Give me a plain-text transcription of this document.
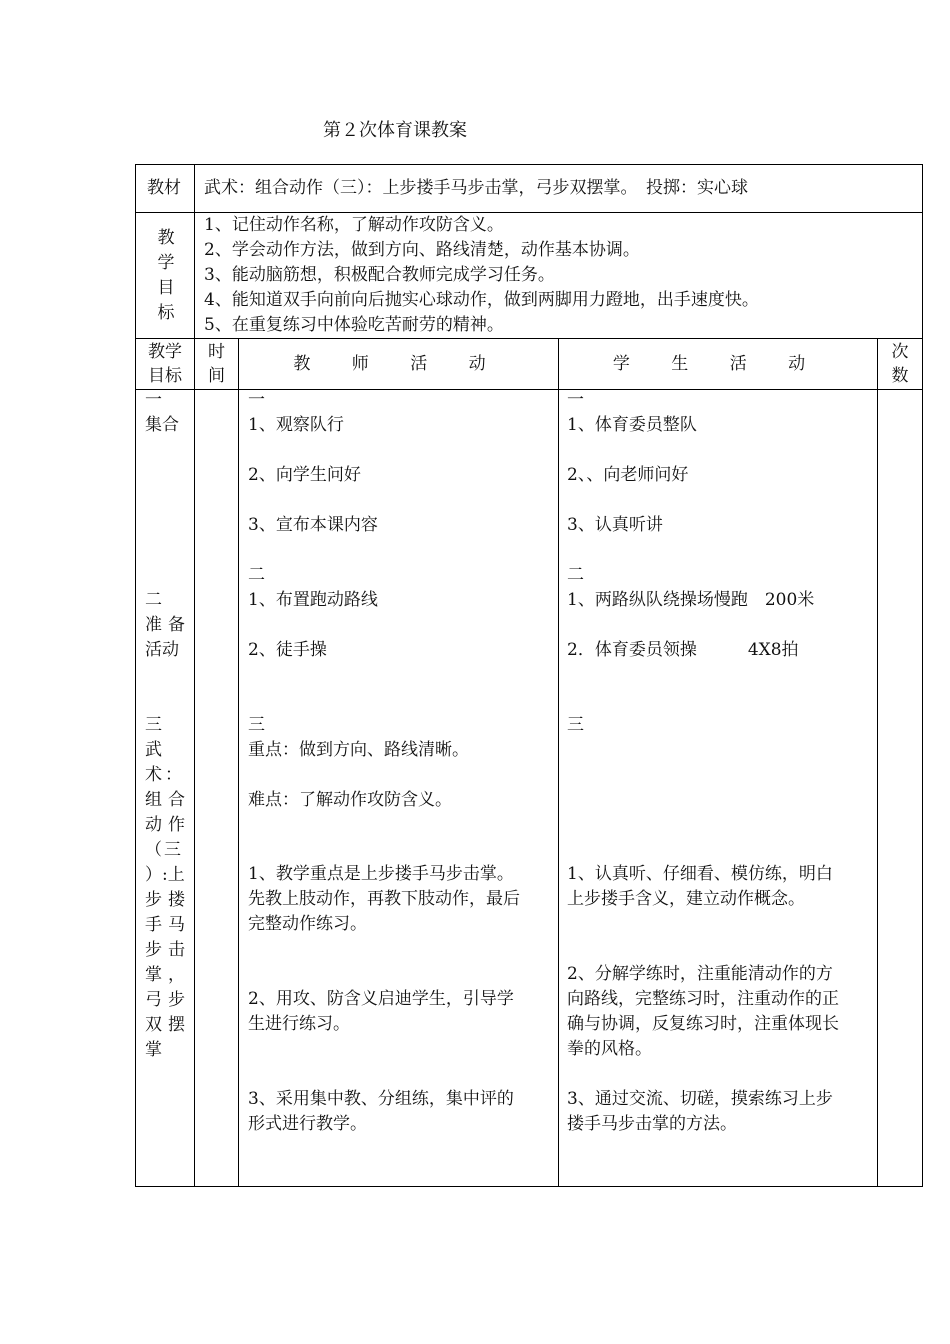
第２次体育课教案
教材 武术：组合动作（三）：上步搂手马步击掌，弓步双摆掌。　投掷：实心球
教
学
目
标
1、记住动作名称，了解动作攻防含义。
2、学会动作方法，做到方向、路线清楚，动作基本协调。
3、能动脑筋想，积极配合教师完成学习任务。
4、能知道双手向前向后抛实心球动作，做到两脚用力蹬地，出手速度快。
5、在重复练习中体验吃苦耐劳的精神。
教学
目标
时
间
教 师 活 动	学 生 活 动
次
数
一
集合
一
1、观察队行
2、向学生问好
3、宣布本课内容
一
1、体育委员整队
2、、向老师问好
3、认真听讲
二
准备
活动
二
1、布置跑动路线
2、徒手操
二
1、两路纵队绕操场慢跑　200米
2．体育委员领操　　　4X8拍
三
武
术：
组合
动作
（三
）:上
步搂
手马
步击
掌，
弓步
双摆
掌
三
重点：做到方向、路线清晰。
难点：了解动作攻防含义。
1、教学重点是上步搂手马步击掌。
先教上肢动作，再教下肢动作，最后
完整动作练习。
2、用攻、防含义启迪学生，引导学
生进行练习。
3、采用集中教、分组练，集中评的
形式进行教学。
三
1、认真听、仔细看、模仿练，明白
上步搂手含义，建立动作概念。
2、分解学练时，注重能清动作的方
向路线，完整练习时，注重动作的正
确与协调，反复练习时，注重体现长
拳的风格。
3、通过交流、切磋，摸索练习上步
搂手马步击掌的方法。
